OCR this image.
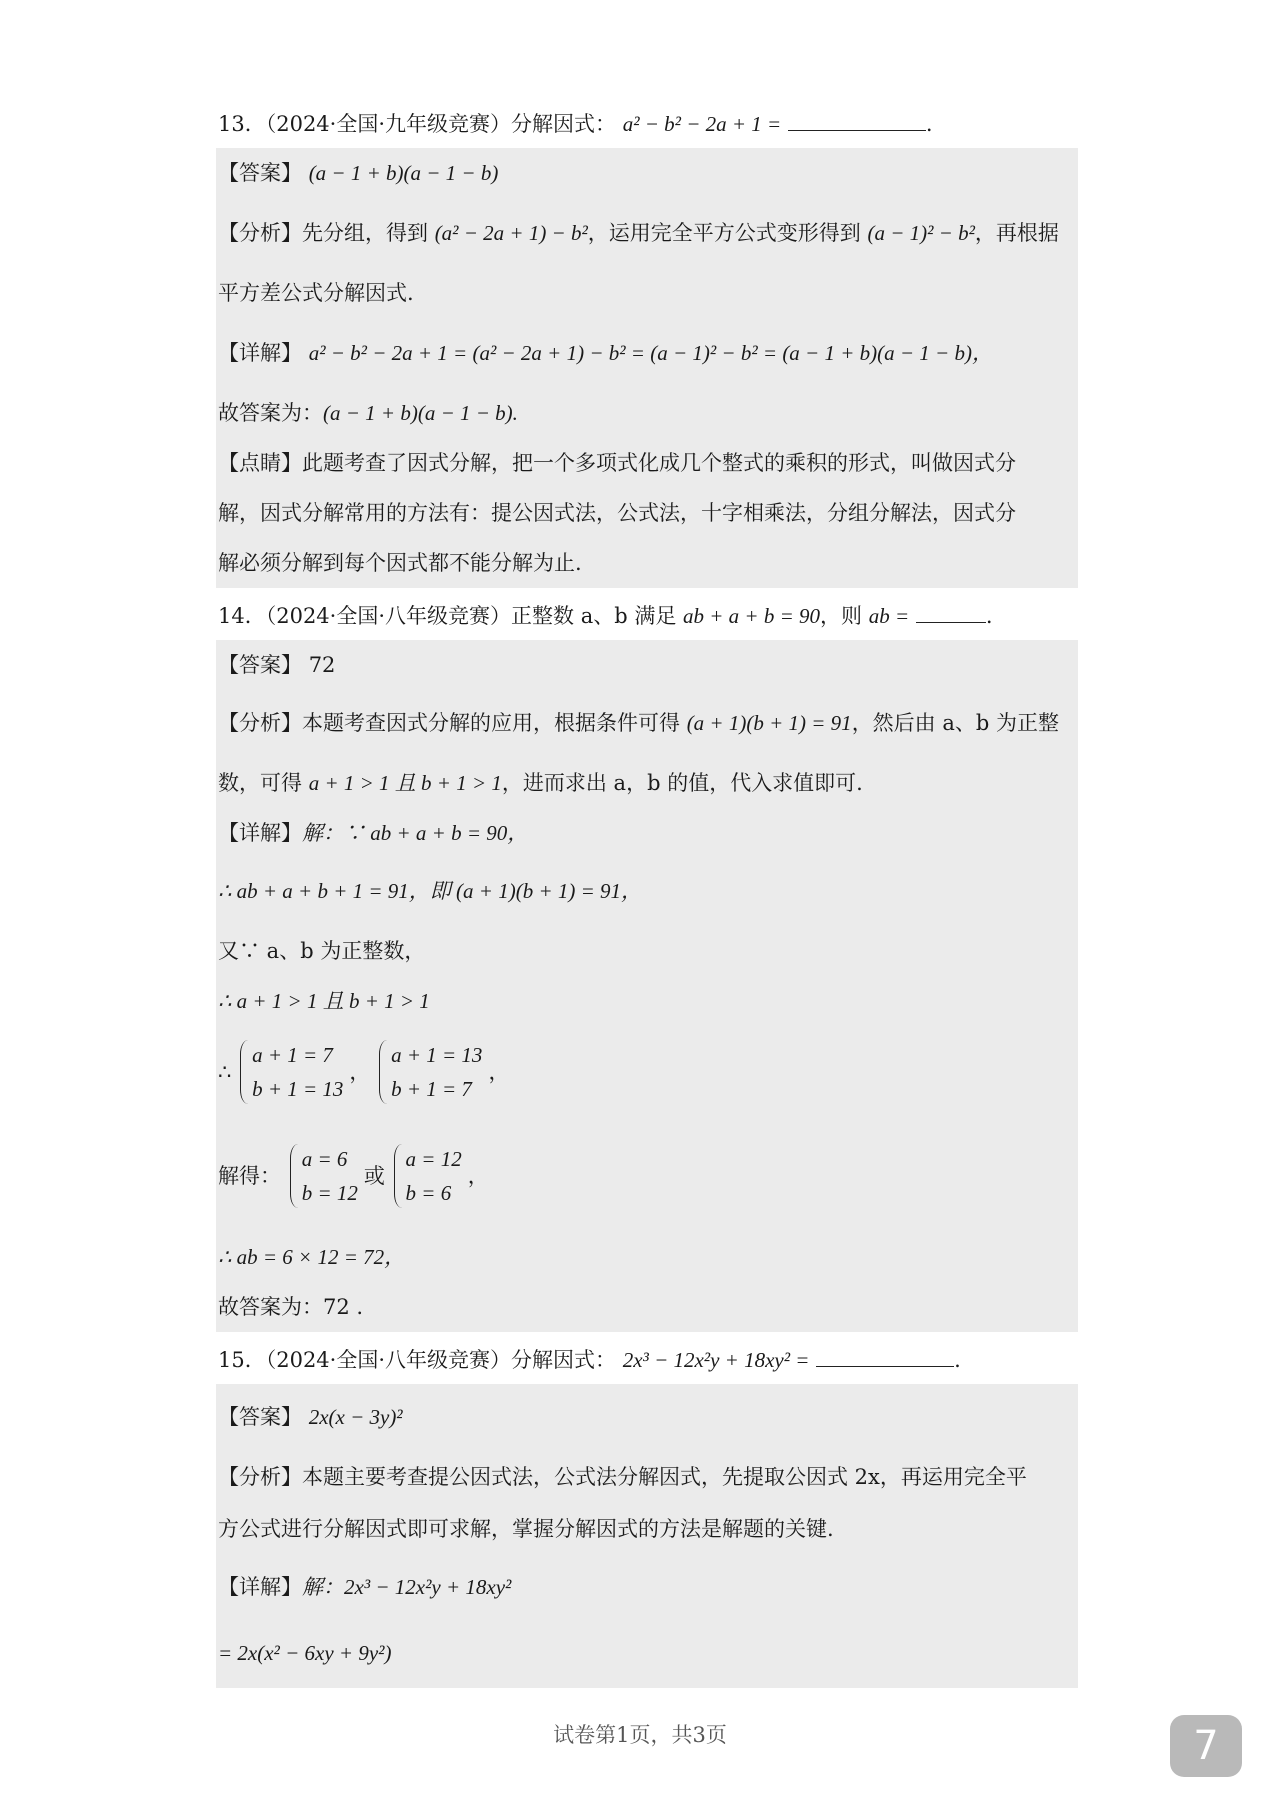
13．（2024·全国·九年级竞赛）分解因式： a² − b² − 2a + 1 =	.
【答案】 (a − 1 + b)(a − 1 − b)
【分析】先分组，得到 (a² − 2a + 1) − b²，运用完全平方公式变形得到 (a − 1)² − b²，再根据
平方差公式分解因式.
【详解】 a² − b² − 2a + 1 = (a² − 2a + 1) − b² = (a − 1)² − b² = (a − 1 + b)(a − 1 − b)，
故答案为：(a − 1 + b)(a − 1 − b).
【点睛】此题考查了因式分解，把一个多项式化成几个整式的乘积的形式，叫做因式分
解，因式分解常用的方法有：提公因式法，公式法，十字相乘法，分组分解法，因式分
解必须分解到每个因式都不能分解为止.
14．（2024·全国·八年级竞赛）正整数 a、b 满足 ab + a + b = 90，则 ab =	.
【答案】 72
【分析】本题考查因式分解的应用，根据条件可得 (a + 1)(b + 1) = 91，然后由 a、b 为正整
数，可得 a + 1 > 1 且 b + 1 > 1，进而求出 a，b 的值，代入求值即可.
【详解】解：∵ ab + a + b = 90，
∴ ab + a + b + 1 = 91，即 (a + 1)(b + 1) = 91，
又∵ a、b 为正整数，
∴ a + 1 > 1 且 b + 1 > 1
∴
a + 1 = 7
b + 1 = 13
，
a + 1 = 13
b + 1 = 7
，
解得：
a = 6
b = 12
或
a = 12
b = 6
，
∴ ab = 6 × 12 = 72，
故答案为：72 .
15．（2024·全国·八年级竞赛）分解因式： 2x³ − 12x²y + 18xy² =	.
【答案】 2x(x − 3y)²
【分析】本题主要考查提公因式法，公式法分解因式，先提取公因式 2x，再运用完全平
方公式进行分解因式即可求解，掌握分解因式的方法是解题的关键.
【详解】解：2x³ − 12x²y + 18xy²
= 2x(x² − 6xy + 9y²)
试卷第1页，共3页	7
